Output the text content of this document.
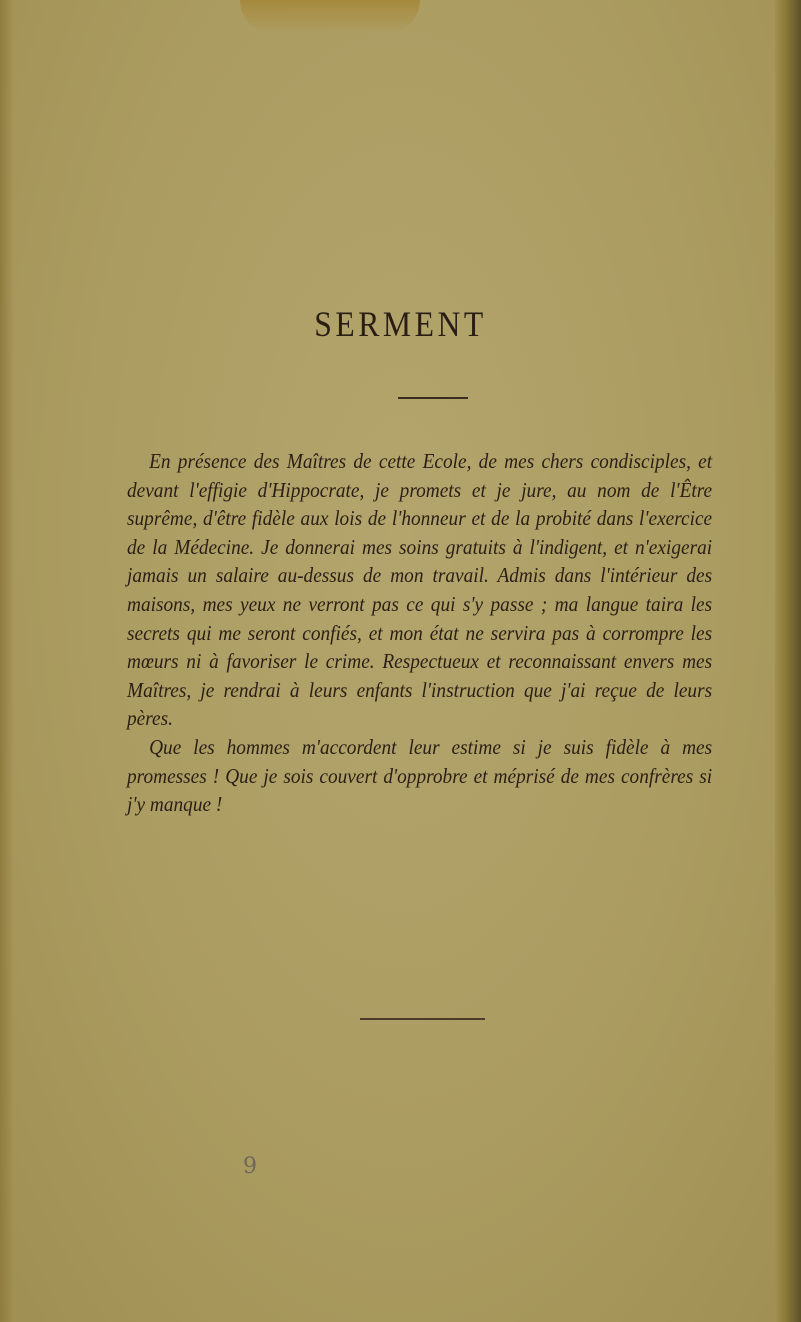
SERMENT

En présence des Maîtres de cette Ecole, de mes chers condisciples, et devant l'effigie d'Hippocrate, je promets et je jure, au nom de l'Être suprême, d'être fidèle aux lois de l'honneur et de la probité dans l'exercice de la Médecine. Je donnerai mes soins gratuits à l'indigent, et n'exigerai jamais un salaire au-dessus de mon travail. Admis dans l'intérieur des maisons, mes yeux ne verront pas ce qui s'y passe ; ma langue taira les secrets qui me seront confiés, et mon état ne servira pas à corrompre les mœurs ni à favoriser le crime. Respectueux et reconnaissant envers mes Maîtres, je rendrai à leurs enfants l'instruction que j'ai reçue de leurs pères.

Que les hommes m'accordent leur estime si je suis fidèle à mes promesses ! Que je sois couvert d'opprobre et méprisé de mes confrères si j'y manque !

9
